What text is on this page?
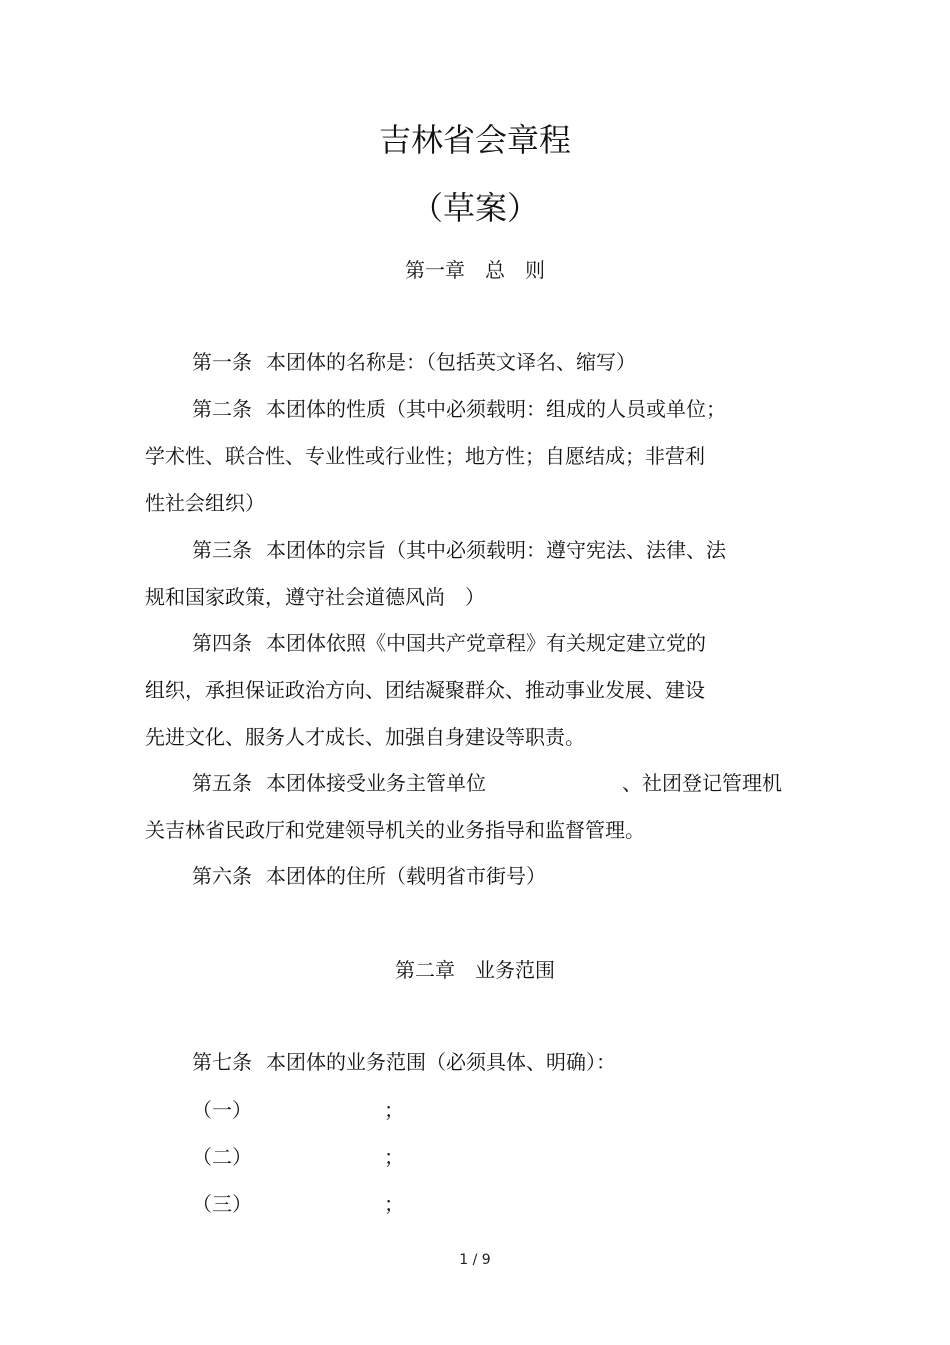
吉林省会章程
（草案）
第一章　总　则
第一条 本团体的名称是：（包括英文译名、缩写）
第二条 本团体的性质（其中必须载明：组成的人员或单位；
学术性、联合性、专业性或行业性；地方性；自愿结成；非营利
性社会组织）
第三条 本团体的宗旨（其中必须载明：遵守宪法、法律、法
规和国家政策，遵守社会道德风尚　）
第四条 本团体依照《中国共产党章程》有关规定建立党的
组织，承担保证政治方向、团结凝聚群众、推动事业发展、建设
先进文化、服务人才成长、加强自身建设等职责。
第五条 本团体接受业务主管单位	、社团登记管理机
关吉林省民政厅和党建领导机关的业务指导和监督管理。
第六条 本团体的住所（载明省市街号）
第二章　业务范围
第七条 本团体的业务范围（必须具体、明确）：
（一）	；
（二）	；
（三）	；
1 / 9
